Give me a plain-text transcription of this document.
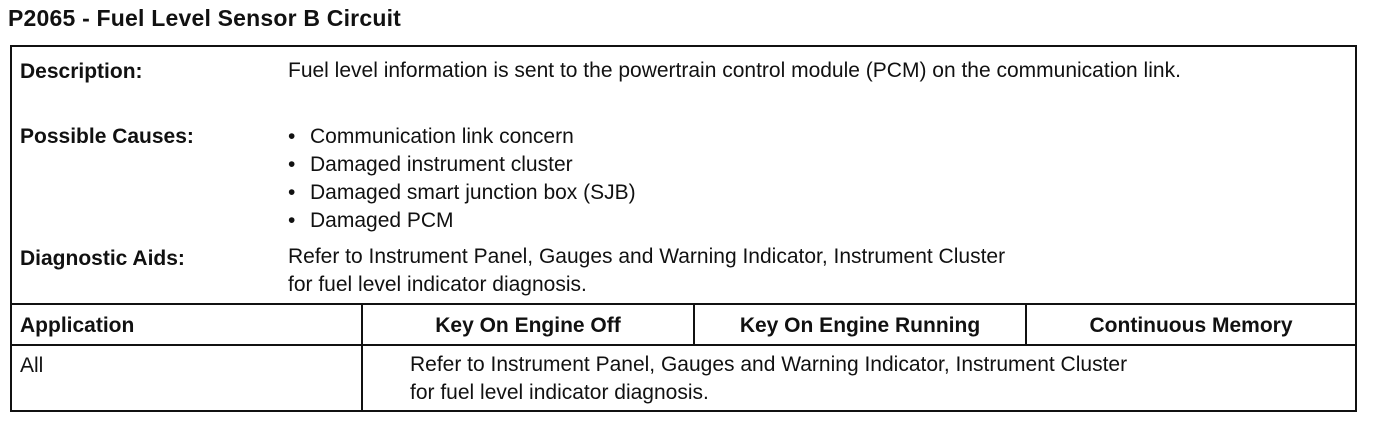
P2065 - Fuel Level Sensor B Circuit
Description:	Fuel level information is sent to the powertrain control module (PCM) on the communication link.
Possible Causes:	• Communication link concern
• Damaged instrument cluster
• Damaged smart junction box (SJB)
• Damaged PCM
Diagnostic Aids:	Refer to Instrument Panel, Gauges and Warning Indicator, Instrument Cluster
for fuel level indicator diagnosis.
Application	Key On Engine Off	Key On Engine Running	Continuous Memory
All	Refer to Instrument Panel, Gauges and Warning Indicator, Instrument Cluster
for fuel level indicator diagnosis.
